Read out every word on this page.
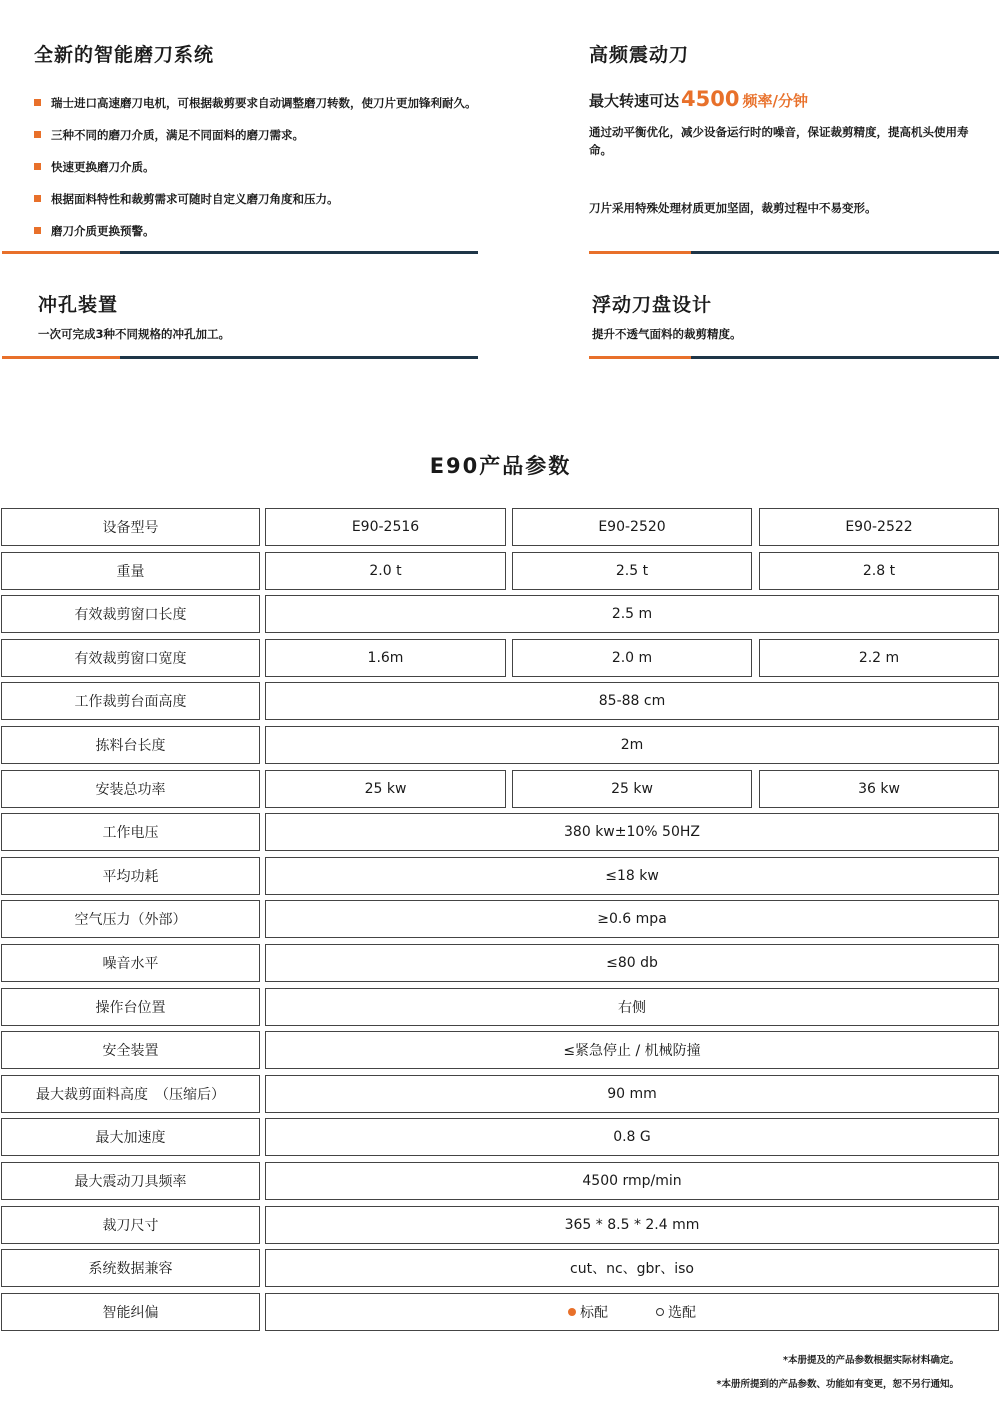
全新的智能磨刀系统
瑞士进口高速磨刀电机，可根据裁剪要求自动调整磨刀转数，使刀片更加锋利耐久。
三种不同的磨刀介质，满足不同面料的磨刀需求。
快速更换磨刀介质。
根据面料特性和裁剪需求可随时自定义磨刀角度和压力。
磨刀介质更换预警。
高频震动刀
最大转速可达 4500 频率/分钟

通过动平衡优化，减少设备运行时的噪音，保证裁剪精度，提高机头使用寿命。

刀片采用特殊处理材质更加坚固，裁剪过程中不易变形。

冲孔装置

一次可完成3种不同规格的冲孔加工。

浮动刀盘设计

提升不透气面料的裁剪精度。

E90产品参数
设备型号	E90-2516	E90-2520	E90-2522
重量	2.0 t	2.5 t	2.8 t
有效裁剪窗口长度	2.5 m
有效裁剪窗口宽度	1.6m	2.0 m	2.2 m
工作裁剪台面高度	85-88 cm
拣料台长度	2m
安装总功率	25 kw	25 kw	36 kw
工作电压	380 kw±10% 50HZ
平均功耗	≤18 kw
空气压力（外部）	≥0.6 mpa
噪音水平	≤80 db
操作台位置	右侧
安全装置	≤紧急停止 / 机械防撞
最大裁剪面料高度　（压缩后）	90 mm
最大加速度	0.8 G
最大震动刀具频率	4500 rmp/min
裁刀尺寸	365 * 8.5 * 2.4 mm
系统数据兼容	cut、nc、gbr、iso
智能纠偏	标配	选配
*本册提及的产品参数根据实际材料确定。
*本册所提到的产品参数、功能如有变更，恕不另行通知。
